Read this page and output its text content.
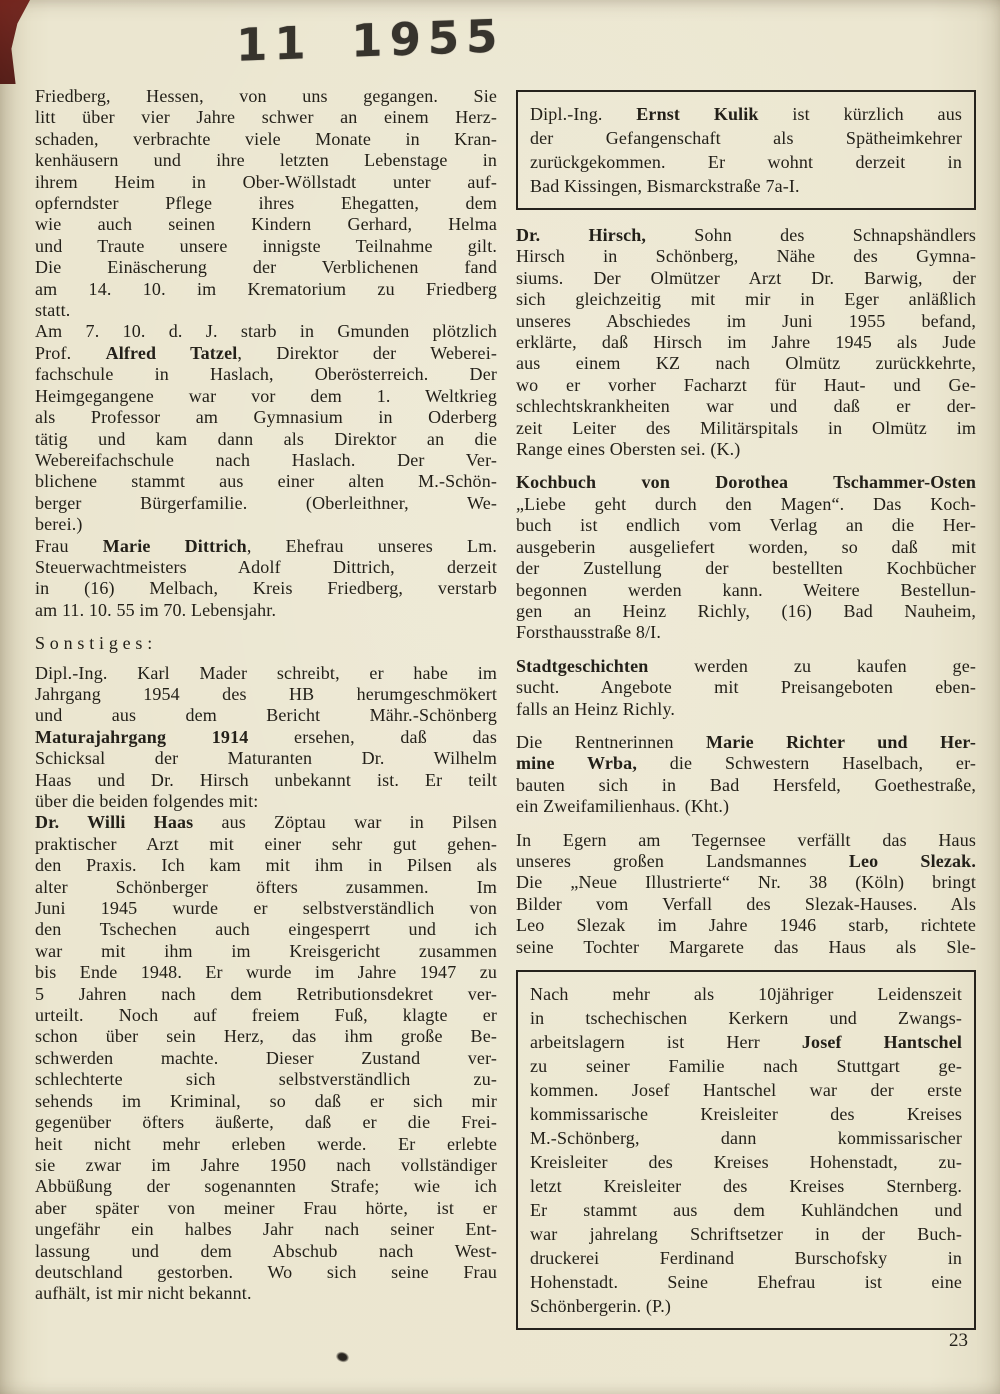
11 1955
Friedberg, Hessen, von uns gegangen. Sie
litt über vier Jahre schwer an einem Herz-
schaden, verbrachte viele Monate in Kran-
kenhäusern und ihre letzten Lebenstage in
ihrem Heim in Ober-Wöllstadt unter auf-
opferndster Pflege ihres Ehegatten, dem
wie auch seinen Kindern Gerhard, Helma
und Traute unsere innigste Teilnahme gilt.
Die Einäscherung der Verblichenen fand
am 14. 10. im Krematorium zu Friedberg
statt.
Am 7. 10. d. J. starb in Gmunden plötzlich
Prof. Alfred Tatzel, Direktor der Weberei-
fachschule in Haslach, Oberösterreich. Der
Heimgegangene war vor dem 1. Weltkrieg
als Professor am Gymnasium in Oderberg
tätig und kam dann als Direktor an die
Webereifachschule nach Haslach. Der Ver-
blichene stammt aus einer alten M.-Schön-
berger Bürgerfamilie. (Oberleithner, We-
berei.)
Frau Marie Dittrich, Ehefrau unseres Lm.
Steuerwachtmeisters Adolf Dittrich, derzeit
in (16) Melbach, Kreis Friedberg, verstarb
am 11. 10. 55 im 70. Lebensjahr.
S o n s t i g e s :
Dipl.-Ing. Karl Mader schreibt, er habe im
Jahrgang 1954 des HB herumgeschmökert
und aus dem Bericht Mähr.-Schönberg
Maturajahrgang 1914 ersehen, daß das
Schicksal der Maturanten Dr. Wilhelm
Haas und Dr. Hirsch unbekannt ist. Er teilt
über die beiden folgendes mit:
Dr. Willi Haas aus Zöptau war in Pilsen
praktischer Arzt mit einer sehr gut gehen-
den Praxis. Ich kam mit ihm in Pilsen als
alter Schönberger öfters zusammen. Im
Juni 1945 wurde er selbstverständlich von
den Tschechen auch eingesperrt und ich
war mit ihm im Kreisgericht zusammen
bis Ende 1948. Er wurde im Jahre 1947 zu
5 Jahren nach dem Retributionsdekret ver-
urteilt. Noch auf freiem Fuß, klagte er
schon über sein Herz, das ihm große Be-
schwerden machte. Dieser Zustand ver-
schlechterte sich selbstverständlich zu-
sehends im Kriminal, so daß er sich mir
gegenüber öfters äußerte, daß er die Frei-
heit nicht mehr erleben werde. Er erlebte
sie zwar im Jahre 1950 nach vollständiger
Abbüßung der sogenannten Strafe; wie ich
aber später von meiner Frau hörte, ist er
ungefähr ein halbes Jahr nach seiner Ent-
lassung und dem Abschub nach West-
deutschland gestorben. Wo sich seine Frau
aufhält, ist mir nicht bekannt.
Dipl.-Ing. Ernst Kulik ist kürzlich aus
der Gefangenschaft als Spätheimkehrer
zurückgekommen. Er wohnt derzeit in
Bad Kissingen, Bismarckstraße 7a-I.
Dr. Hirsch, Sohn des Schnapshändlers
Hirsch in Schönberg, Nähe des Gymna-
siums. Der Olmützer Arzt Dr. Barwig, der
sich gleichzeitig mit mir in Eger anläßlich
unseres Abschiedes im Juni 1955 befand,
erklärte, daß Hirsch im Jahre 1945 als Jude
aus einem KZ nach Olmütz zurückkehrte,
wo er vorher Facharzt für Haut- und Ge-
schlechtskrankheiten war und daß er der-
zeit Leiter des Militärspitals in Olmütz im
Range eines Obersten sei. (K.)
Kochbuch von Dorothea Tschammer-Osten
„Liebe geht durch den Magen“. Das Koch-
buch ist endlich vom Verlag an die Her-
ausgeberin ausgeliefert worden, so daß mit
der Zustellung der bestellten Kochbücher
begonnen werden kann. Weitere Bestellun-
gen an Heinz Richly, (16) Bad Nauheim,
Forsthausstraße 8/I.
Stadtgeschichten werden zu kaufen ge-
sucht. Angebote mit Preisangeboten eben-
falls an Heinz Richly.
Die Rentnerinnen Marie Richter und Her-
mine Wrba, die Schwestern Haselbach, er-
bauten sich in Bad Hersfeld, Goethestraße,
ein Zweifamilienhaus. (Kht.)
In Egern am Tegernsee verfällt das Haus
unseres großen Landsmannes Leo Slezak.
Die „Neue Illustrierte“ Nr. 38 (Köln) bringt
Bilder vom Verfall des Slezak-Hauses. Als
Leo Slezak im Jahre 1946 starb, richtete
seine Tochter Margarete das Haus als Sle-
Nach mehr als 10jähriger Leidenszeit
in tschechischen Kerkern und Zwangs-
arbeitslagern ist Herr Josef Hantschel
zu seiner Familie nach Stuttgart ge-
kommen. Josef Hantschel war der erste
kommissarische Kreisleiter des Kreises
M.-Schönberg, dann kommissarischer
Kreisleiter des Kreises Hohenstadt, zu-
letzt Kreisleiter des Kreises Sternberg.
Er stammt aus dem Kuhländchen und
war jahrelang Schriftsetzer in der Buch-
druckerei Ferdinand Burschofsky in
Hohenstadt. Seine Ehefrau ist eine
Schönbergerin. (P.)
23
